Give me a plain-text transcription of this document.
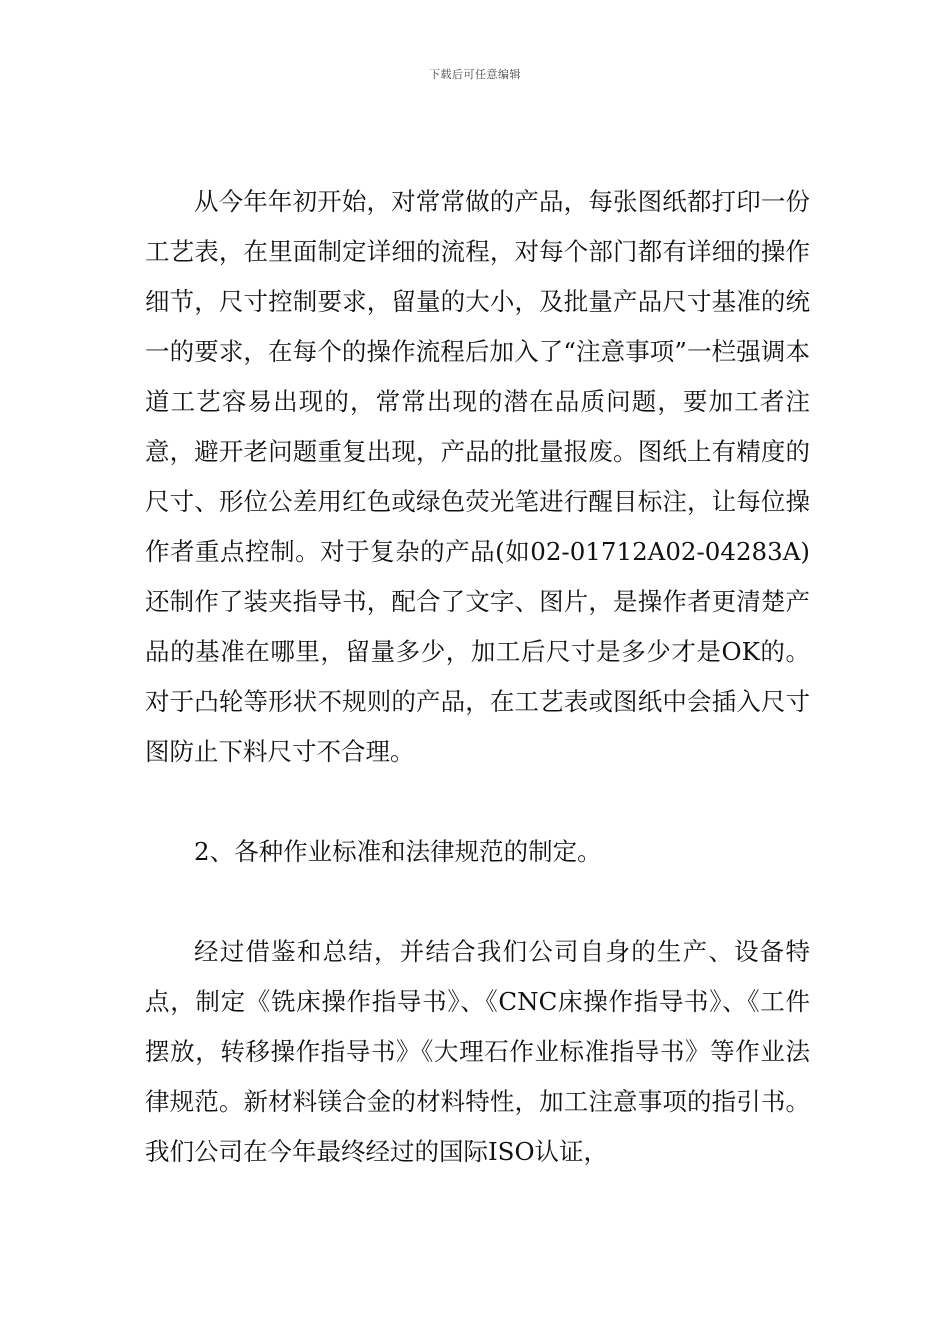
下载后可任意编辑

从今年年初开始，对常常做的产品，每张图纸都打印一份工艺表，在里面制定详细的流程，对每个部门都有详细的操作细节，尺寸控制要求，留量的大小，及批量产品尺寸基准的统一的要求，在每个的操作流程后加入了“注意事项”一栏强调本道工艺容易出现的，常常出现的潜在品质问题，要加工者注意，避开老问题重复出现，产品的批量报废。图纸上有精度的尺寸、形位公差用红色或绿色荧光笔进行醒目标注，让每位操作者重点控制。对于复杂的产品(如02-01712A02-04283A)还制作了装夹指导书，配合了文字、图片，是操作者更清楚产品的基准在哪里，留量多少，加工后尺寸是多少才是OK的。对于凸轮等形状不规则的产品，在工艺表或图纸中会插入尺寸图防止下料尺寸不合理。

2、各种作业标准和法律规范的制定。

经过借鉴和总结，并结合我们公司自身的生产、设备特点，制定《铣床操作指导书》、《CNC床操作指导书》、《工件摆放，转移操作指导书》《大理石作业标准指导书》等作业法律规范。新材料镁合金的材料特性，加工注意事项的指引书。我们公司在今年最终经过的国际ISO认证，
